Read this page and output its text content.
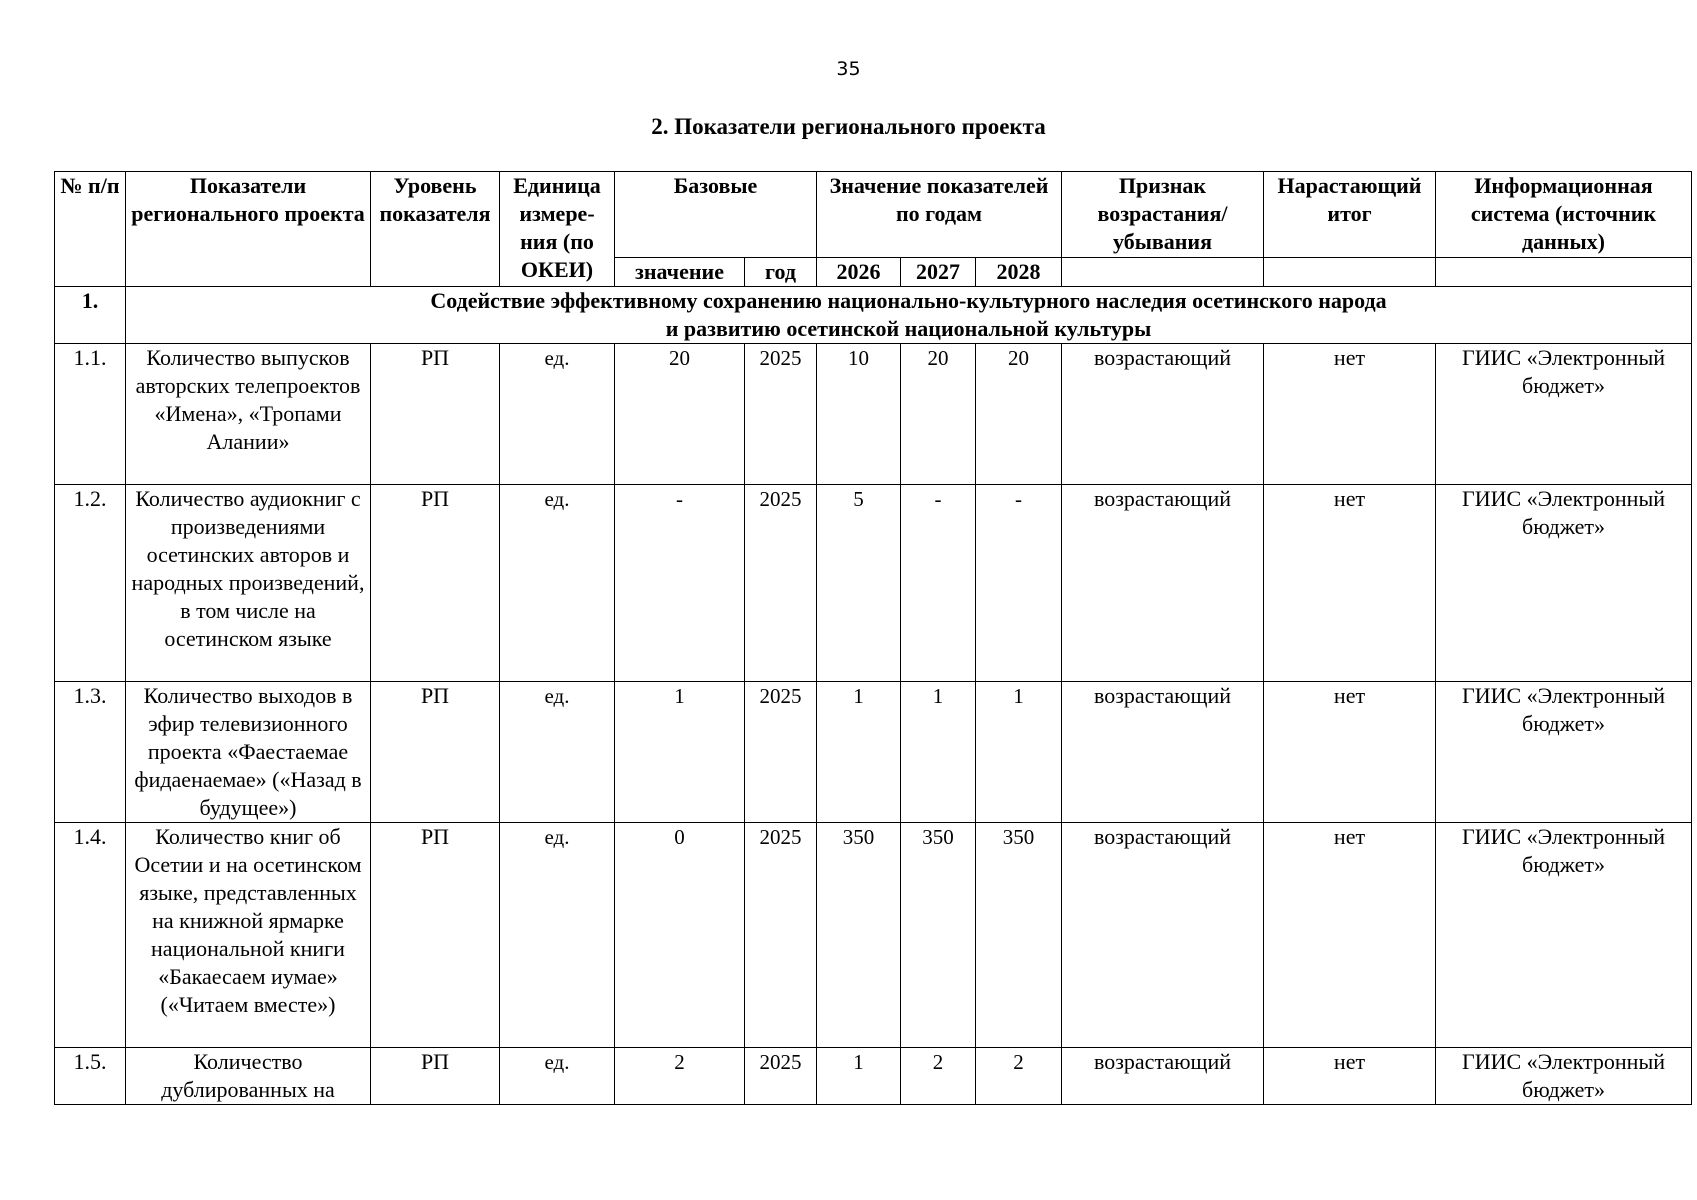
35
2. Показатели регионального проекта
№ п/п	Показатели регионального проекта	Уровень показателя	Единица измере-ния (по ОКЕИ)	Базовые		Значение показателей по годам			Признак возрастания/ убывания	Нарастающий итог	Информационная система (источник данных)
				значение	год	2026	2027	2028			
1.	Содействие эффективному сохранению национально-культурного наследия осетинского народа
и развитию осетинской национальной культуры										

1.1.	Количество выпусков авторских телепроектов «Имена», «Тропами Алании»	РП	ед.	20	2025	10	20	20	возрастающий	нет	ГИИС «Электронный бюджет»
1.2.	Количество аудиокниг с произведениями осетинских авторов и народных произведений, в том числе на осетинском языке	РП	ед.	-	2025	5	-	-	возрастающий	нет	ГИИС «Электронный бюджет»
1.3.	Количество выходов в эфир телевизионного проекта «Фаестаемае фидаенаемае» («Назад в будущее»)	РП	ед.	1	2025	1	1	1	возрастающий	нет	ГИИС «Электронный бюджет»
1.4.	Количество книг об Осетии и на осетинском языке, представленных на книжной ярмарке национальной книги «Бакаесаем иумае» («Читаем вместе»)	РП	ед.	0	2025	350	350	350	возрастающий	нет	ГИИС «Электронный бюджет»
1.5.	Количество дублированных на	РП	ед.	2	2025	1	2	2	возрастающий	нет	ГИИС «Электронный бюджет»
